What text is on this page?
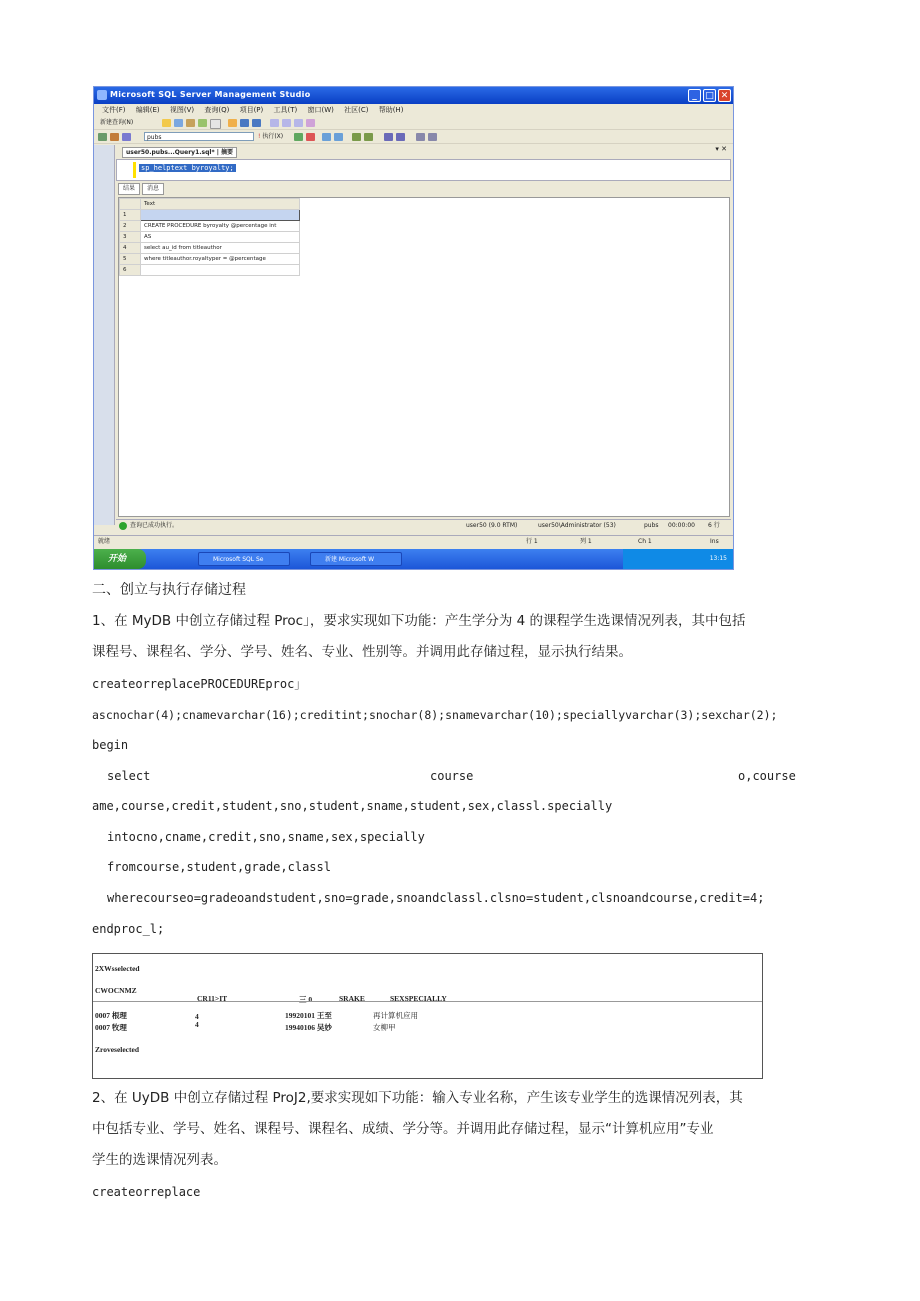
Microsoft SQL Server Management Studio	_ □ ✕
文件(F) 编辑(E) 视图(V) 查询(Q) 项目(P) 工具(T) 窗口(W) 社区(C) 帮助(H)
新建查询(N)
pubs	! 执行(X)
user50.pubs...Query1.sql* | 摘要	▾ ✕
sp_helptext byroyalty;
结果 消息
	Text
1	
2	CREATE PROCEDURE byroyalty @percentage int
3	AS
4	select au_id from titleauthor
5	where titleauthor.royaltyper = @percentage
6	
查询已成功执行。	user50 (9.0 RTM)	user50\Administrator (53)	pubs 00:00:00 6 行
就绪	行 1	列 1	Ch 1	Ins
开始	Microsoft SQL Se	新建 Microsoft W	13:15
二、创立与执行存储过程
1、在 MyDB 中创立存储过程 Proc」，要求实现如下功能：产生学分为 4 的课程学生选课情况列表，其中包括
课程号、课程名、学分、学号、姓名、专业、性别等。并调用此存储过程，显示执行结果。
createorreplacePROCEDUREproc」
ascnochar(4);cnamevarchar(16);creditint;snochar(8);snamevarchar(10);speciallyvarchar(3);sexchar(2);
begin
select	course	o,course
ame,course,credit,student,sno,student,sname,student,sex,classl.specially
intocno,cname,credit,sno,sname,sex,specially
fromcourse,student,grade,classl
wherecourseo=gradeoandstudent,sno=grade,snoandclassl.clsno=student,clsnoandcourse,credit=4;
endproc_l;
2XWsselected
CWOCNMZ
CR11>IT	三 0	SRAKE	SEXSPECIALLY
0007 根理	4	19920101 王至	再计算机应用
0007 牧理	4	19940106 吴妙	女柳甲
Zroveselected
2、在 UyDB 中创立存储过程 ProJ2,要求实现如下功能：输入专业名称，产生该专业学生的选课情况列表，其
中包括专业、学号、姓名、课程号、课程名、成绩、学分等。并调用此存储过程，显示“计算机应用”专业
学生的选课情况列表。
createorreplace
